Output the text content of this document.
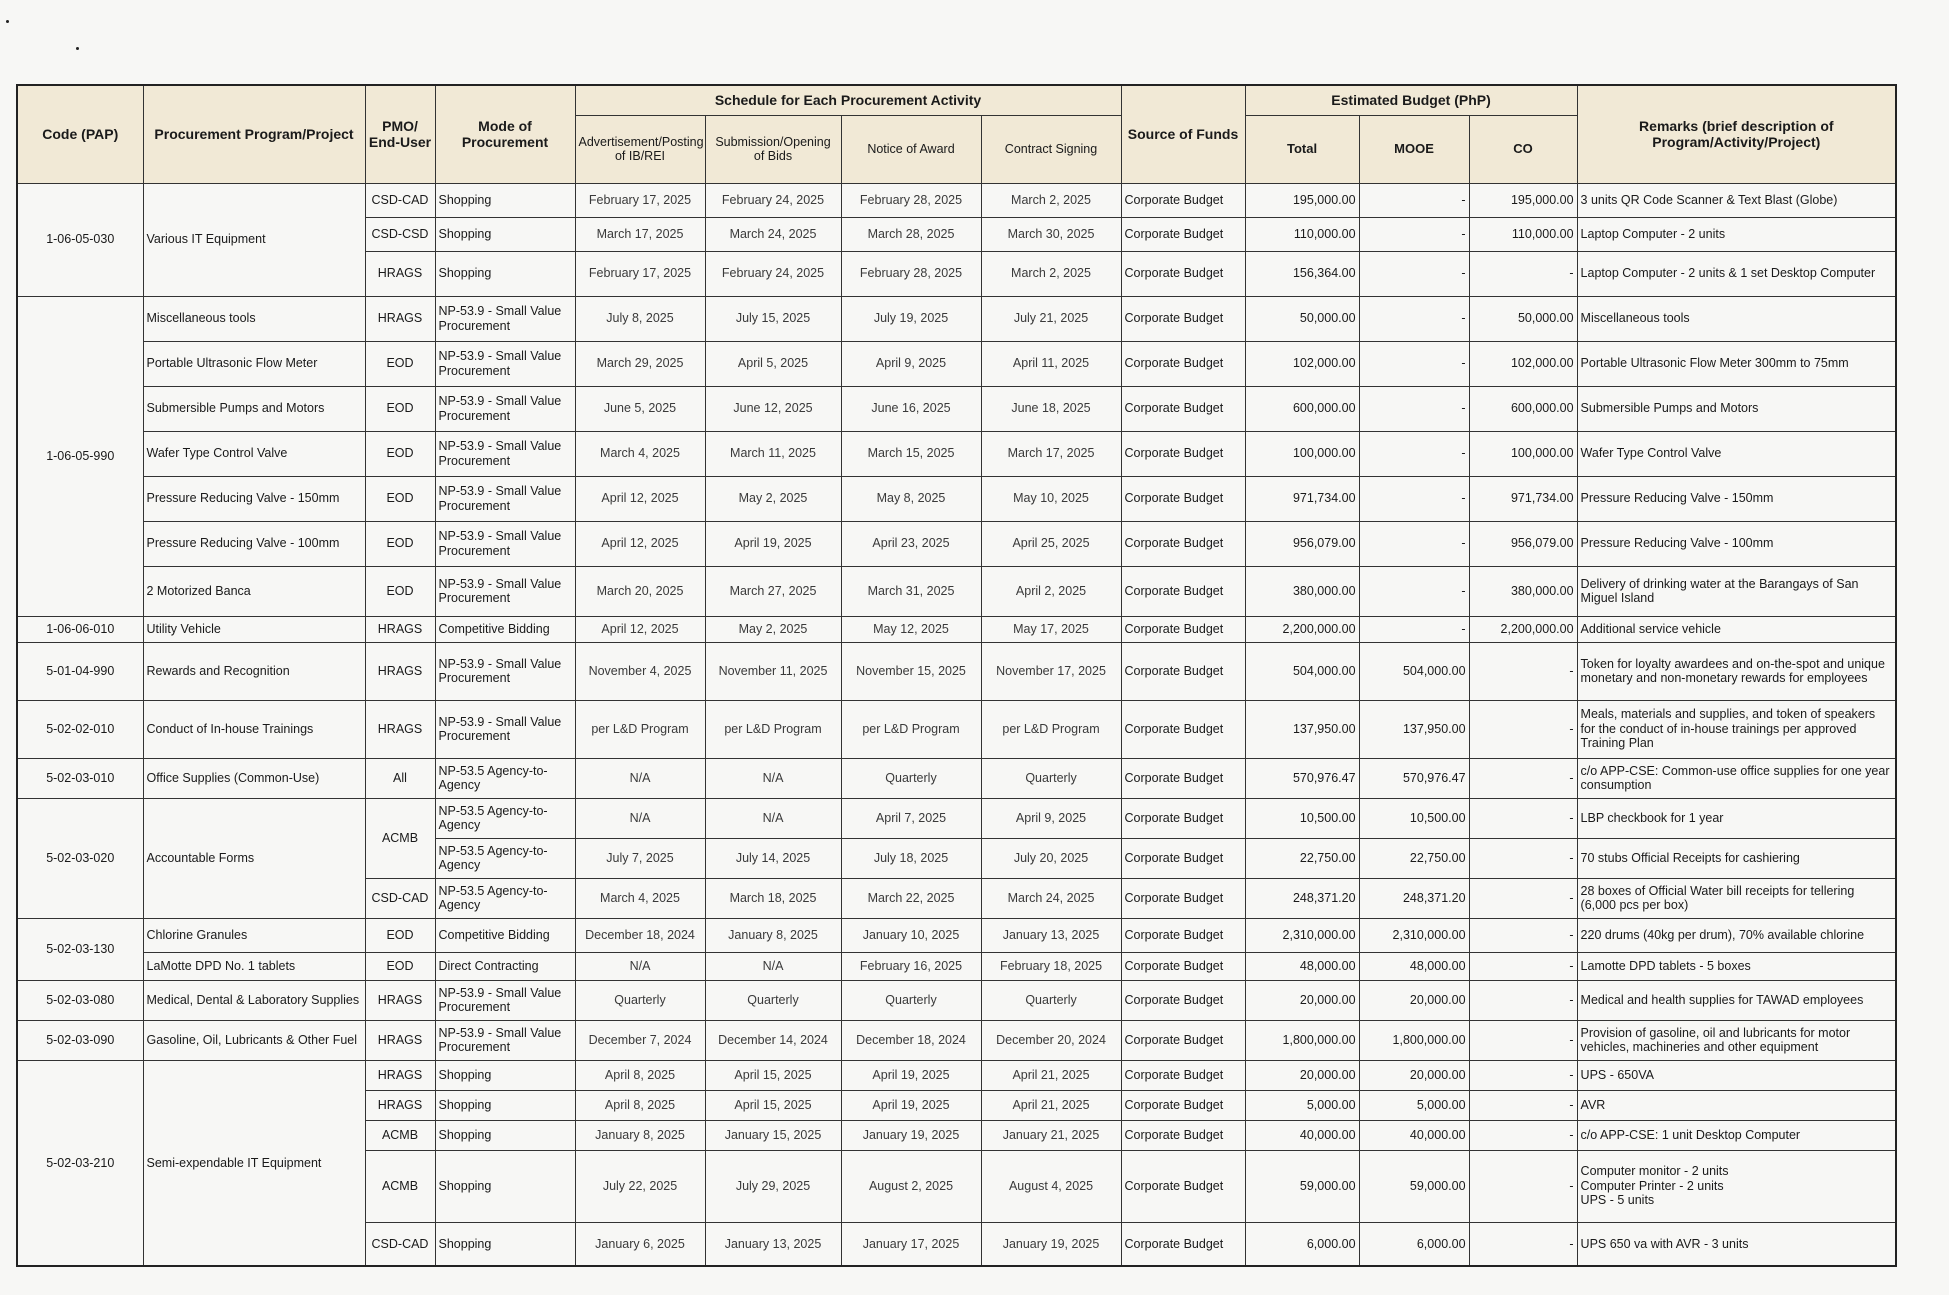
Code (PAP)	Procurement Program/Project	PMO/ End-User	Mode of Procurement	Schedule for Each Procurement Activity				Source of Funds	Estimated Budget (PhP)			Remarks (brief description of Program/Activity/Project)
				Advertisement/Posting of IB/REI	Submission/Opening of Bids	Notice of Award	Contract Signing		Total	MOOE	CO	
1-06-05-030	Various IT Equipment	CSD-CAD	Shopping	February 17, 2025	February 24, 2025	February 28, 2025	March 2, 2025	Corporate Budget	195,000.00	-	195,000.00	3 units QR Code Scanner & Text Blast (Globe)
		CSD-CSD	Shopping	March 17, 2025	March 24, 2025	March 28, 2025	March 30, 2025	Corporate Budget	110,000.00	-	110,000.00	Laptop Computer - 2 units
		HRAGS	Shopping	February 17, 2025	February 24, 2025	February 28, 2025	March 2, 2025	Corporate Budget	156,364.00	-	-	Laptop Computer - 2 units & 1 set Desktop Computer
1-06-05-990	Miscellaneous tools	HRAGS	NP-53.9 - Small Value Procurement	July 8, 2025	July 15, 2025	July 19, 2025	July 21, 2025	Corporate Budget	50,000.00	-	50,000.00	Miscellaneous tools
	Portable Ultrasonic Flow Meter	EOD	NP-53.9 - Small Value Procurement	March 29, 2025	April 5, 2025	April 9, 2025	April 11, 2025	Corporate Budget	102,000.00	-	102,000.00	Portable Ultrasonic Flow Meter 300mm to 75mm
	Submersible Pumps and Motors	EOD	NP-53.9 - Small Value Procurement	June 5, 2025	June 12, 2025	June 16, 2025	June 18, 2025	Corporate Budget	600,000.00	-	600,000.00	Submersible Pumps and Motors
	Wafer Type Control Valve	EOD	NP-53.9 - Small Value Procurement	March 4, 2025	March 11, 2025	March 15, 2025	March 17, 2025	Corporate Budget	100,000.00	-	100,000.00	Wafer Type Control Valve
	Pressure Reducing Valve - 150mm	EOD	NP-53.9 - Small Value Procurement	April 12, 2025	May 2, 2025	May 8, 2025	May 10, 2025	Corporate Budget	971,734.00	-	971,734.00	Pressure Reducing Valve - 150mm
	Pressure Reducing Valve - 100mm	EOD	NP-53.9 - Small Value Procurement	April 12, 2025	April 19, 2025	April 23, 2025	April 25, 2025	Corporate Budget	956,079.00	-	956,079.00	Pressure Reducing Valve - 100mm
	2 Motorized Banca	EOD	NP-53.9 - Small Value Procurement	March 20, 2025	March 27, 2025	March 31, 2025	April 2, 2025	Corporate Budget	380,000.00	-	380,000.00	Delivery of drinking water at the Barangays of San Miguel Island
1-06-06-010	Utility Vehicle	HRAGS	Competitive Bidding	April 12, 2025	May 2, 2025	May 12, 2025	May 17, 2025	Corporate Budget	2,200,000.00	-	2,200,000.00	Additional service vehicle
5-01-04-990	Rewards and Recognition	HRAGS	NP-53.9 - Small Value Procurement	November 4, 2025	November 11, 2025	November 15, 2025	November 17, 2025	Corporate Budget	504,000.00	504,000.00	-	Token for loyalty awardees and on-the-spot and unique monetary and non-monetary rewards for employees
5-02-02-010	Conduct of In-house Trainings	HRAGS	NP-53.9 - Small Value Procurement	per L&D Program	per L&D Program	per L&D Program	per L&D Program	Corporate Budget	137,950.00	137,950.00	-	Meals, materials and supplies, and token of speakers for the conduct of in-house trainings per approved Training Plan
5-02-03-010	Office Supplies (Common-Use)	All	NP-53.5 Agency-to-Agency	N/A	N/A	Quarterly	Quarterly	Corporate Budget	570,976.47	570,976.47	-	c/o APP-CSE: Common-use office supplies for one year consumption
5-02-03-020	Accountable Forms	ACMB	NP-53.5 Agency-to-Agency	N/A	N/A	April 7, 2025	April 9, 2025	Corporate Budget	10,500.00	10,500.00	-	LBP checkbook for 1 year
			NP-53.5 Agency-to-Agency	July 7, 2025	July 14, 2025	July 18, 2025	July 20, 2025	Corporate Budget	22,750.00	22,750.00	-	70 stubs Official Receipts for cashiering
		CSD-CAD	NP-53.5 Agency-to-Agency	March 4, 2025	March 18, 2025	March 22, 2025	March 24, 2025	Corporate Budget	248,371.20	248,371.20	-	28 boxes of Official Water bill receipts for tellering (6,000 pcs per box)
5-02-03-130	Chlorine Granules	EOD	Competitive Bidding	December 18, 2024	January 8, 2025	January 10, 2025	January 13, 2025	Corporate Budget	2,310,000.00	2,310,000.00	-	220 drums (40kg per drum), 70% available chlorine
	LaMotte DPD No. 1 tablets	EOD	Direct Contracting	N/A	N/A	February 16, 2025	February 18, 2025	Corporate Budget	48,000.00	48,000.00	-	Lamotte DPD tablets - 5 boxes
5-02-03-080	Medical, Dental & Laboratory Supplies	HRAGS	NP-53.9 - Small Value Procurement	Quarterly	Quarterly	Quarterly	Quarterly	Corporate Budget	20,000.00	20,000.00	-	Medical and health supplies for TAWAD employees
5-02-03-090	Gasoline, Oil, Lubricants & Other Fuel	HRAGS	NP-53.9 - Small Value Procurement	December 7, 2024	December 14, 2024	December 18, 2024	December 20, 2024	Corporate Budget	1,800,000.00	1,800,000.00	-	Provision of gasoline, oil and lubricants for motor vehicles, machineries and other equipment
5-02-03-210	Semi-expendable IT Equipment	HRAGS	Shopping	April 8, 2025	April 15, 2025	April 19, 2025	April 21, 2025	Corporate Budget	20,000.00	20,000.00	-	UPS - 650VA
		HRAGS	Shopping	April 8, 2025	April 15, 2025	April 19, 2025	April 21, 2025	Corporate Budget	5,000.00	5,000.00	-	AVR
		ACMB	Shopping	January 8, 2025	January 15, 2025	January 19, 2025	January 21, 2025	Corporate Budget	40,000.00	40,000.00	-	c/o APP-CSE: 1 unit Desktop Computer
		ACMB	Shopping	July 22, 2025	July 29, 2025	August 2, 2025	August 4, 2025	Corporate Budget	59,000.00	59,000.00	-	Computer monitor - 2 units
Computer Printer - 2 units
UPS - 5 units
		CSD-CAD	Shopping	January 6, 2025	January 13, 2025	January 17, 2025	January 19, 2025	Corporate Budget	6,000.00	6,000.00	-	UPS 650 va with AVR - 3 units
